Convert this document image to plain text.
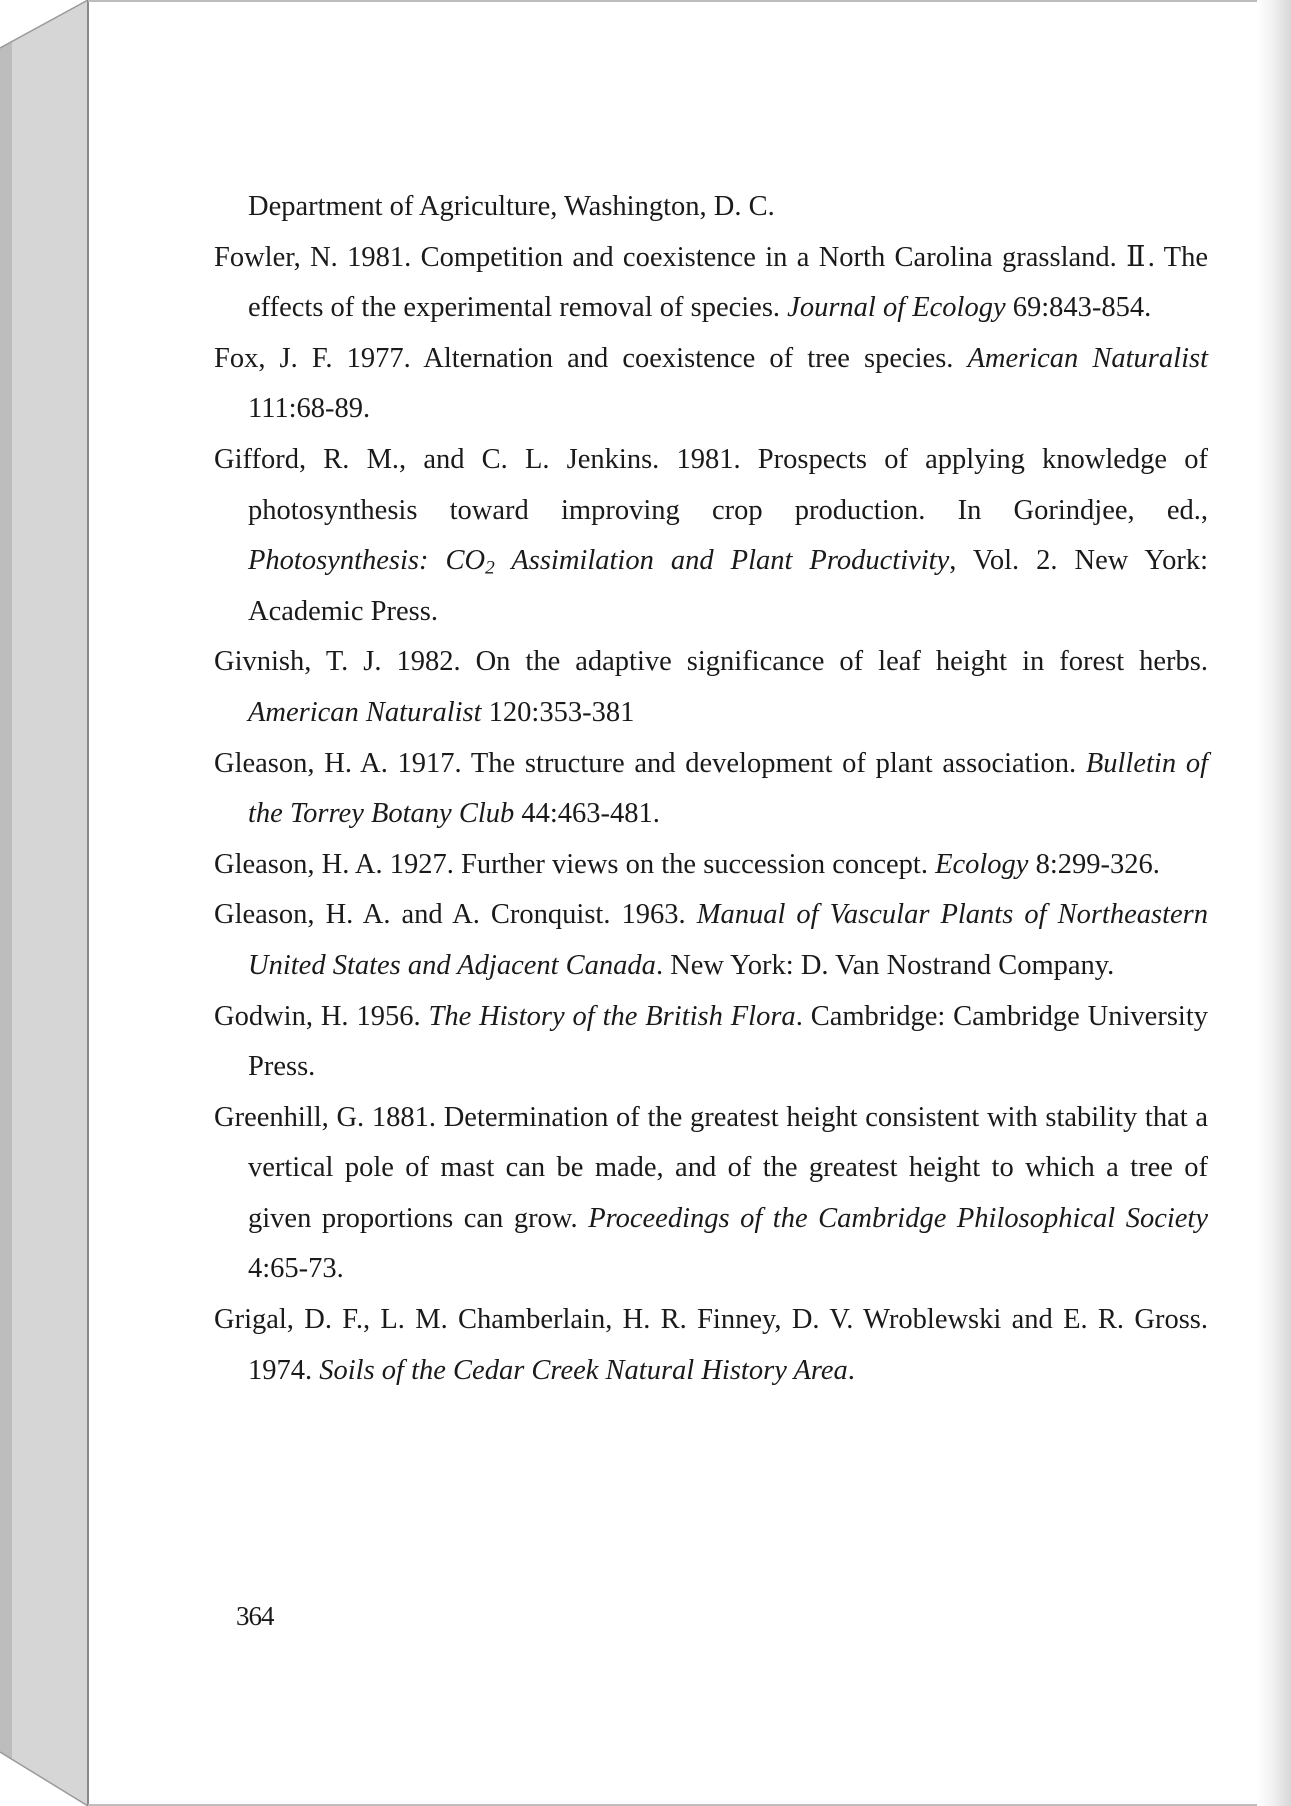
Department of Agriculture, Washington, D. C.

Fowler, N. 1981. Competition and coexistence in a North Carolina grassland. Ⅱ. The effects of the experimental removal of species. Journal of Ecology 69:843-854.

Fox, J. F. 1977. Alternation and coexistence of tree species. American Naturalist 111:68-89.

Gifford, R. M., and C. L. Jenkins. 1981. Prospects of applying knowledge of photosynthesis toward improving crop production. In Gorindjee, ed., Photosynthesis: $CO_2$ Assimilation and Plant Productivity, Vol. 2. New York: Academic Press.

Givnish, T. J. 1982. On the adaptive significance of leaf height in forest herbs. American Naturalist 120:353-381

Gleason, H. A. 1917. The structure and development of plant association. Bulletin of the Torrey Botany Club 44:463-481.

Gleason, H. A. 1927. Further views on the succession concept. Ecology 8:299-326.

Gleason, H. A. and A. Cronquist. 1963. Manual of Vascular Plants of Northeastern United States and Adjacent Canada. New York: D. Van Nostrand Company.

Godwin, H. 1956. The History of the British Flora. Cambridge: Cambridge University Press.

Greenhill, G. 1881. Determination of the greatest height consistent with stability that a vertical pole of mast can be made, and of the greatest height to which a tree of given proportions can grow. Proceedings of the Cambridge Philosophical Society 4:65-73.

Grigal, D. F., L. M. Chamberlain, H. R. Finney, D. V. Wroblewski and E. R. Gross. 1974. Soils of the Cedar Creek Natural History Area.

364
